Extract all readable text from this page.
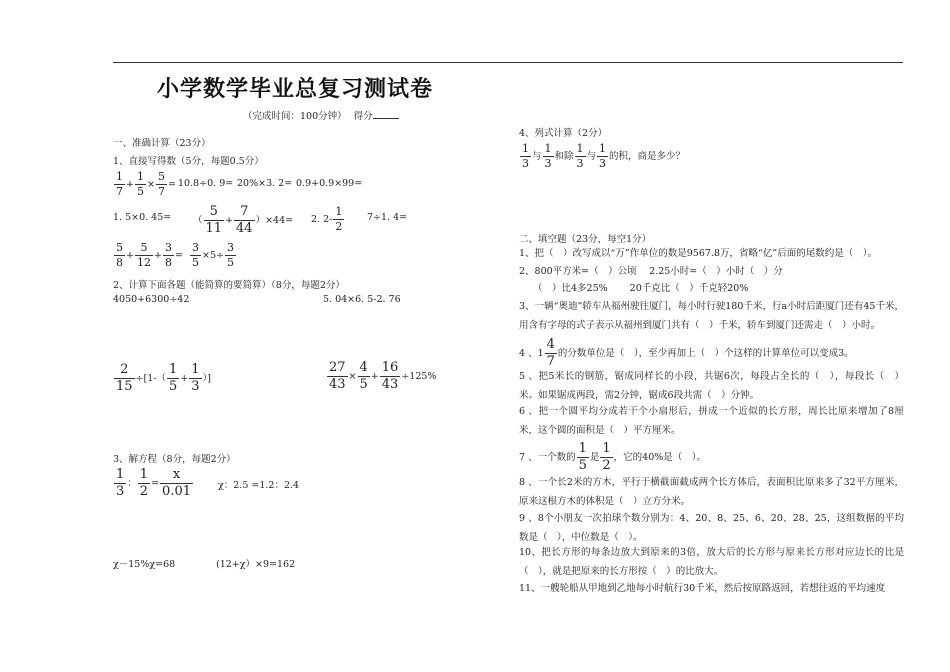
小学数学毕业总复习测试卷
（完成时间：100分钟） 得分
一、准确计算（23分）
1、直接写得数（5分，每题0.5分）
$\frac{1}{7} + \frac{1}{5} \times \frac{5}{7} = 10.8\div 0$. 9= 20%×3. 2= 0.9+0.9×99=
1. 5×0. 45= （ $\frac{5}{11} + \frac{7}{44} )\times 44= 2$. $2- \frac{1}{2} 7\div 1$. 4=
$\frac{5}{8} + \frac{5}{12} + \frac{3}{8} = \frac{3}{5} \times 5\div \frac{3}{5}$
2、计算下面各题（能简算的要简算）（8分，每题2分）
4050+6300÷42	5. 04×6. 5-2. 76
$\frac{2}{15} \div[1-( \frac{1}{5} + \frac{1}{3}$ ）]	$\frac{27}{43} \times \frac{4}{5} + \frac{16}{43} \div 125\%$
3、解方程（8分，每题2分）
$\frac{1}{3}$ ： $\frac{1}{2} = \frac{x}{0.01}$	χ：2.5 =1.2：2.4
χ－15%χ=68	(12+χ）×9=162
4、列式计算（2分）
$\frac{1}{3}$ 与 $\frac{1}{3}$ 和除 $\frac{1}{3}$ 与 $\frac{1}{3}$ 的积，商是多少？
二、填空题（23分，每空1分）
1、把（　）改写成以“万”作单位的数是9567.8万，省略“亿”后面的尾数约是（　）。
2、800平方米=（　）公顷　 2.25小时=（　）小时（　）分
（　）比4多25%　　 20千克比（　）千克轻20%
3、一辆“奥迪”轿车从福州驶往厦门，每小时行驶180千米，行a小时后距厦门还有45千米，用含有字母的式子表示从福州到厦门共有（　）千米，轿车到厦门还需走（　）小时。
4 、$1 \frac{4}{7}$ 的分数单位是（　），至少再加上（　）个这样的计算单位可以变成3。
5 、把5米长的钢筋，锯成同样长的小段，共锯6次，每段占全长的（　），每段长（　）米。如果锯成两段，需2分钟，锯成6段共需（　）分钟。
6 、把一个圆平均分成若干个小扇形后，拼成一个近似的长方形，周长比原来增加了8厘米，这个圆的面积是（　）平方厘米。
7 、一个数的 $\frac{1}{5}$ 是 $\frac{1}{2}$ ，它的40%是（　）。
8 、一个长2米的方木，平行于横截面截成两个长方体后，表面积比原来多了32平方厘米，原来这根方木的体积是（　）立方分米。
9 、8个小朋友一次拍球个数分别为：4、20、8、25、6、20、28、25，这组数据的平均数是（　），中位数是（　）。
10、把长方形的每条边放大到原来的3倍，放大后的长方形与原来长方形对应边长的比是（　），就是把原来的长方形按（　）的比放大。
11、一艘轮船从甲地到乙地每小时航行30千米，然后按原路返回，若想往返的平均速度
